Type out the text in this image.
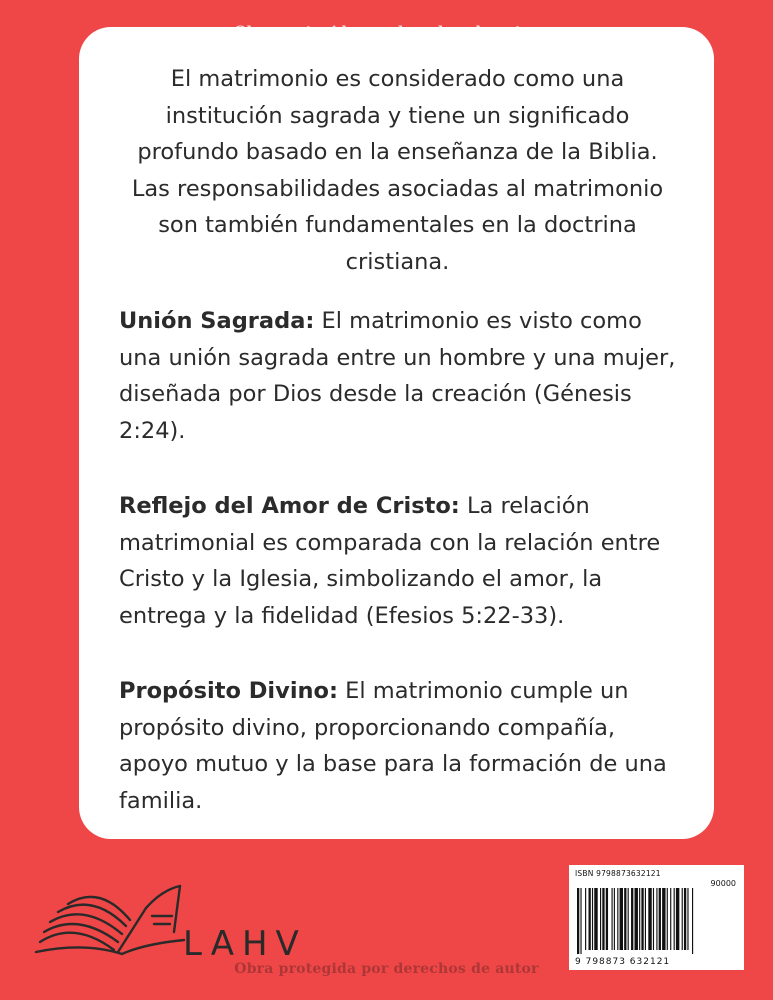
El matrimonio es considerado como una institución sagrada y tiene un significado profundo basado en la enseñanza de la Biblia. Las responsabilidades asociadas al matrimonio son también fundamentales en la doctrina cristiana.

Unión Sagrada: El matrimonio es visto como una unión sagrada entre un hombre y una mujer, diseñada por Dios desde la creación (Génesis 2:24).

Reflejo del Amor de Cristo: La relación matrimonial es comparada con la relación entre Cristo y la Iglesia, simbolizando el amor, la entrega y la fidelidad (Efesios 5:22-33).

Propósito Divino: El matrimonio cumple un propósito divino, proporcionando compañía, apoyo mutuo y la base para la formación de una familia.

LAHV
ISBN 9798873632121
90000
9 798873 632121
Obra protegida por derechos de autor
